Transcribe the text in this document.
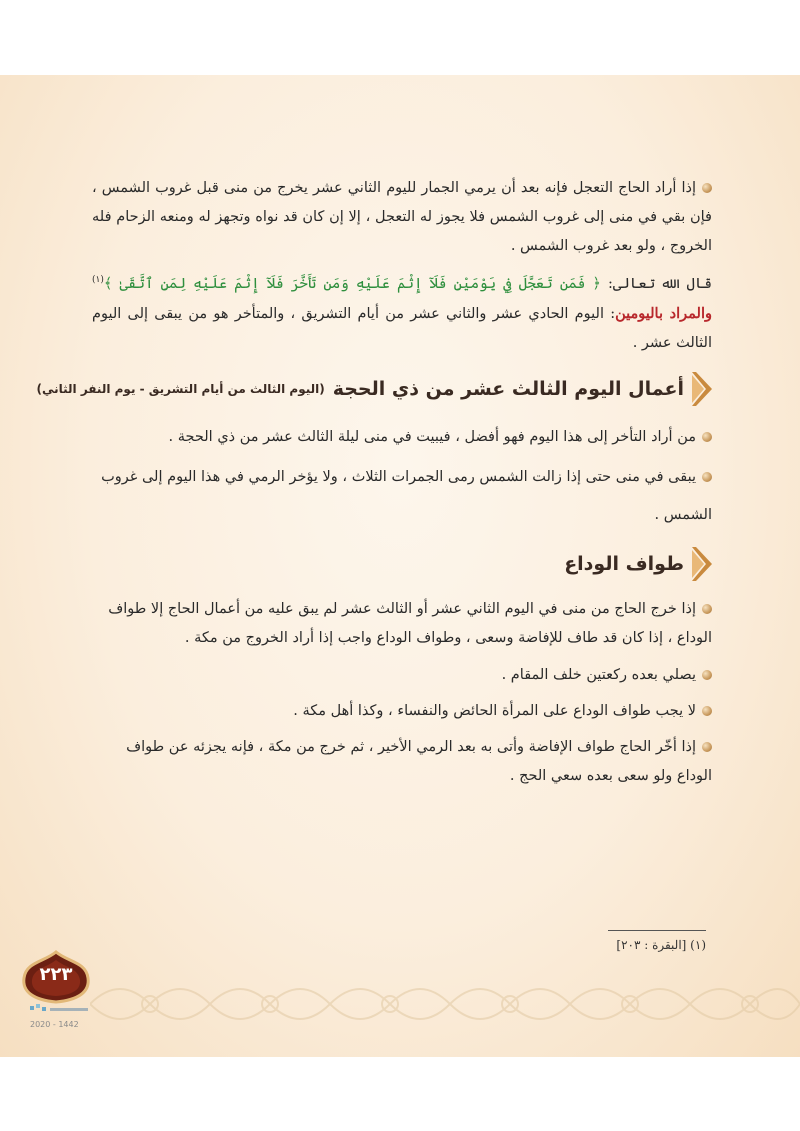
إذا أراد الحاج التعجل فإنه بعد أن يرمي الجمار لليوم الثاني عشر يخرج من منى قبل غروب الشمس ، فإن بقي في منى إلى غروب الشمس فلا يجوز له التعجل ، إلا إن كان قد نواه وتجهز له ومنعه الزحام فله الخروج ، ولو بعد غروب الشمس .
قال الله تعالى: ﴿ فَمَن تَعَجَّلَ فِي يَوْمَيْنِ فَلَآ إِثْمَ عَلَيْهِ وَمَن تَأَخَّرَ فَلَآ إِثْمَ عَلَيْهِ لِمَنِ ٱتَّقَىٰ ﴾$^{(١)}$ والمراد باليومين: اليوم الحادي عشر والثاني عشر من أيام التشريق ، والمتأخر هو من يبقى إلى اليوم الثالث عشر .
أعمال اليوم الثالث عشر من ذي الحجة
(اليوم الثالث من أيام التشريق - يوم النفر الثاني)
من أراد التأخر إلى هذا اليوم فهو أفضل ، فيبيت في منى ليلة الثالث عشر من ذي الحجة .
يبقى في منى حتى إذا زالت الشمس رمى الجمرات الثلاث ، ولا يؤخر الرمي في هذا اليوم إلى غروب الشمس .
طواف الوداع
إذا خرج الحاج من منى في اليوم الثاني عشر أو الثالث عشر لم يبق عليه من أعمال الحاج إلا طواف الوداع ، إذا كان قد طاف للإفاضة وسعى ، وطواف الوداع واجب إذا أراد الخروج من مكة .
يصلي بعده ركعتين خلف المقام .
لا يجب طواف الوداع على المرأة الحائض والنفساء ، وكذا أهل مكة .
إذا أخّر الحاج طواف الإفاضة وأتى به بعد الرمي الأخير ، ثم خرج من مكة ، فإنه يجزئه عن طواف الوداع ولو سعى بعده سعي الحج .
(١) [البقرة : ٢٠٣]
٢٢٣
2020 - 1442
